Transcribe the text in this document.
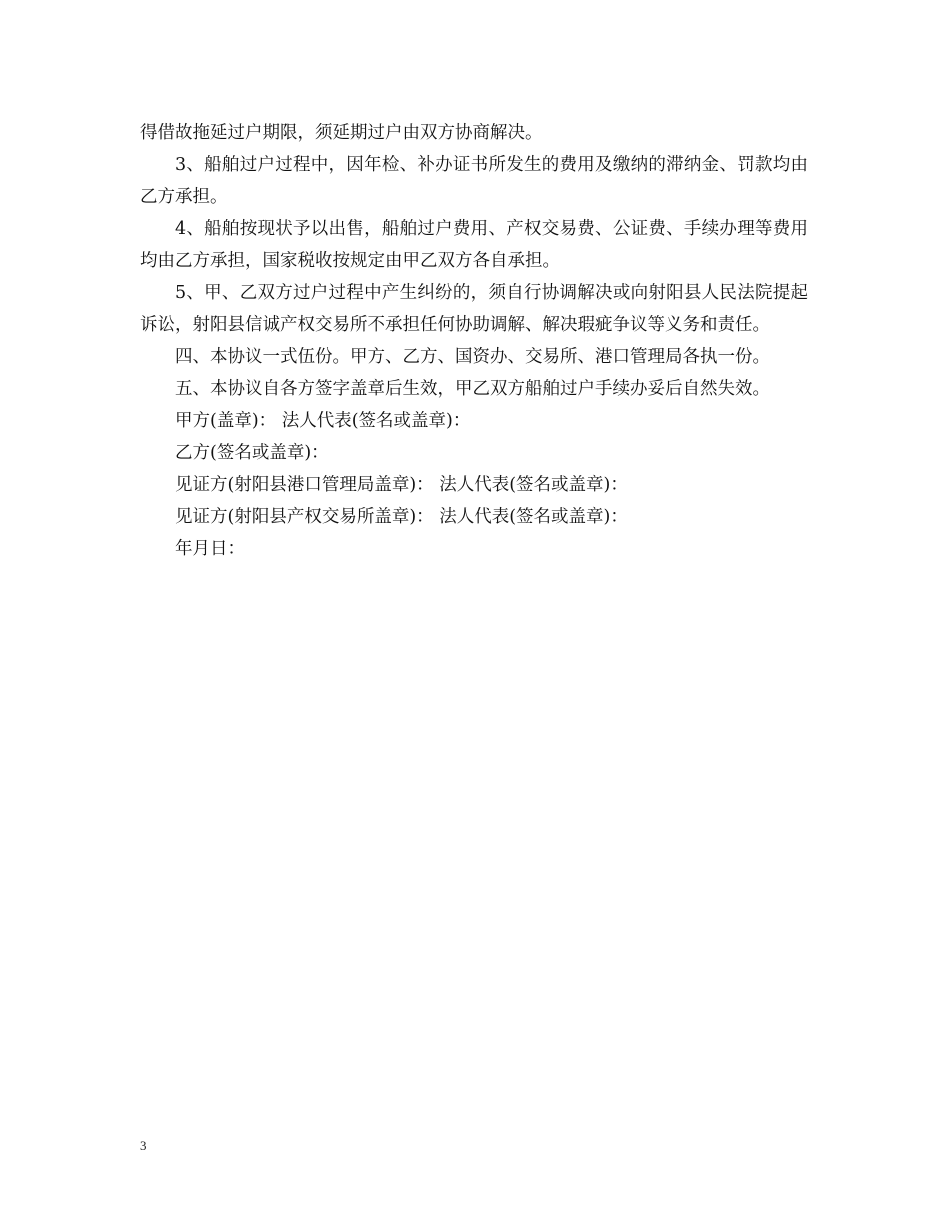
得借故拖延过户期限，须延期过户由双方协商解决。

3、船舶过户过程中，因年检、补办证书所发生的费用及缴纳的滞纳金、罚款均由乙方承担。

4、船舶按现状予以出售，船舶过户费用、产权交易费、公证费、手续办理等费用均由乙方承担，国家税收按规定由甲乙双方各自承担。

5、甲、乙双方过户过程中产生纠纷的，须自行协调解决或向射阳县人民法院提起诉讼，射阳县信诚产权交易所不承担任何协助调解、解决瑕疵争议等义务和责任。

四、本协议一式伍份。甲方、乙方、国资办、交易所、港口管理局各执一份。

五、本协议自各方签字盖章后生效，甲乙双方船舶过户手续办妥后自然失效。

甲方(盖章)： 法人代表(签名或盖章)：

乙方(签名或盖章)：

见证方(射阳县港口管理局盖章)： 法人代表(签名或盖章)：

见证方(射阳县产权交易所盖章)： 法人代表(签名或盖章)：

年月日：

3
